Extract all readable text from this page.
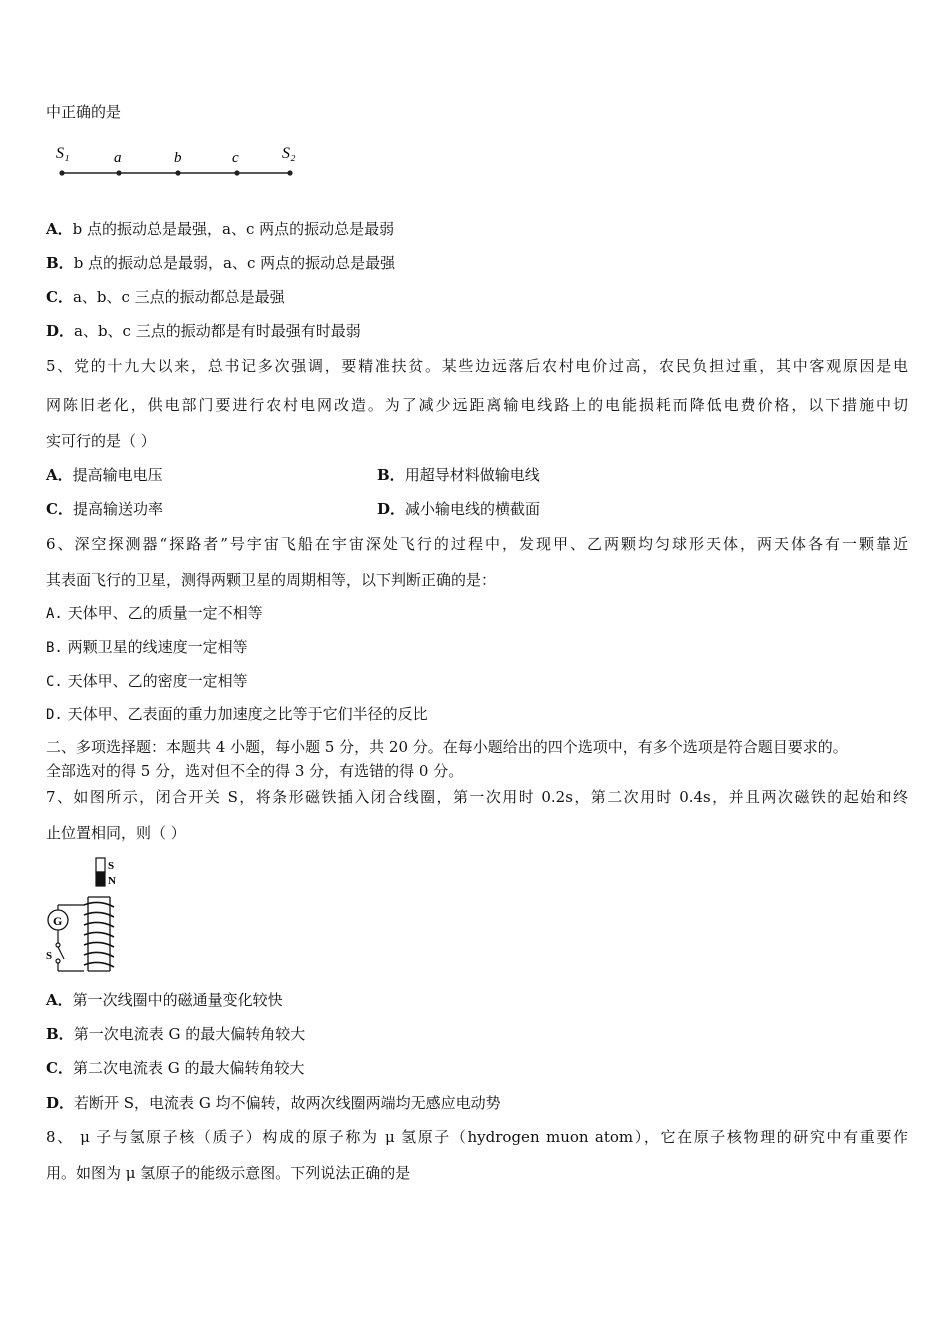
中正确的是
S₁	a	b	c	S₂
A．b 点的振动总是最强，a、c 两点的振动总是最弱
B．b 点的振动总是最弱，a、c 两点的振动总是最强
C．a、b、c 三点的振动都总是最强
D．a、b、c 三点的振动都是有时最强有时最弱
5、党的十九大以来，总书记多次强调，要精准扶贫。某些边远落后农村电价过高，农民负担过重，其中客观原因是电
网陈旧老化，供电部门要进行农村电网改造。为了减少远距离输电线路上的电能损耗而降低电费价格，以下措施中切
实可行的是（ ）
A．提高输电电压	B．用超导材料做输电线
C．提高输送功率	D．减小输电线的横截面
6、深空探测器“探路者”号宇宙飞船在宇宙深处飞行的过程中，发现甲、乙两颗均匀球形天体，两天体各有一颗靠近
其表面飞行的卫星，测得两颗卫星的周期相等，以下判断正确的是：
A. 天体甲、乙的质量一定不相等
B. 两颗卫星的线速度一定相等
C. 天体甲、乙的密度一定相等
D. 天体甲、乙表面的重力加速度之比等于它们半径的反比
二、多项选择题：本题共 4 小题，每小题 5 分，共 20 分。在每小题给出的四个选项中，有多个选项是符合题目要求的。
全部选对的得 5 分，选对但不全的得 3 分，有选错的得 0 分。
7、如图所示，闭合开关 S，将条形磁铁插入闭合线圈，第一次用时 0.2s，第二次用时 0.4s，并且两次磁铁的起始和终
止位置相同，则（ ）
S
N
G
S
A．第一次线圈中的磁通量变化较快
B．第一次电流表 G 的最大偏转角较大
C．第二次电流表 G 的最大偏转角较大
D．若断开 S，电流表 G 均不偏转，故两次线圈两端均无感应电动势
8、 μ 子与氢原子核（质子）构成的原子称为 μ 氢原子（hydrogen muon atom），它在原子核物理的研究中有重要作
用。如图为 μ 氢原子的能级示意图。下列说法正确的是
